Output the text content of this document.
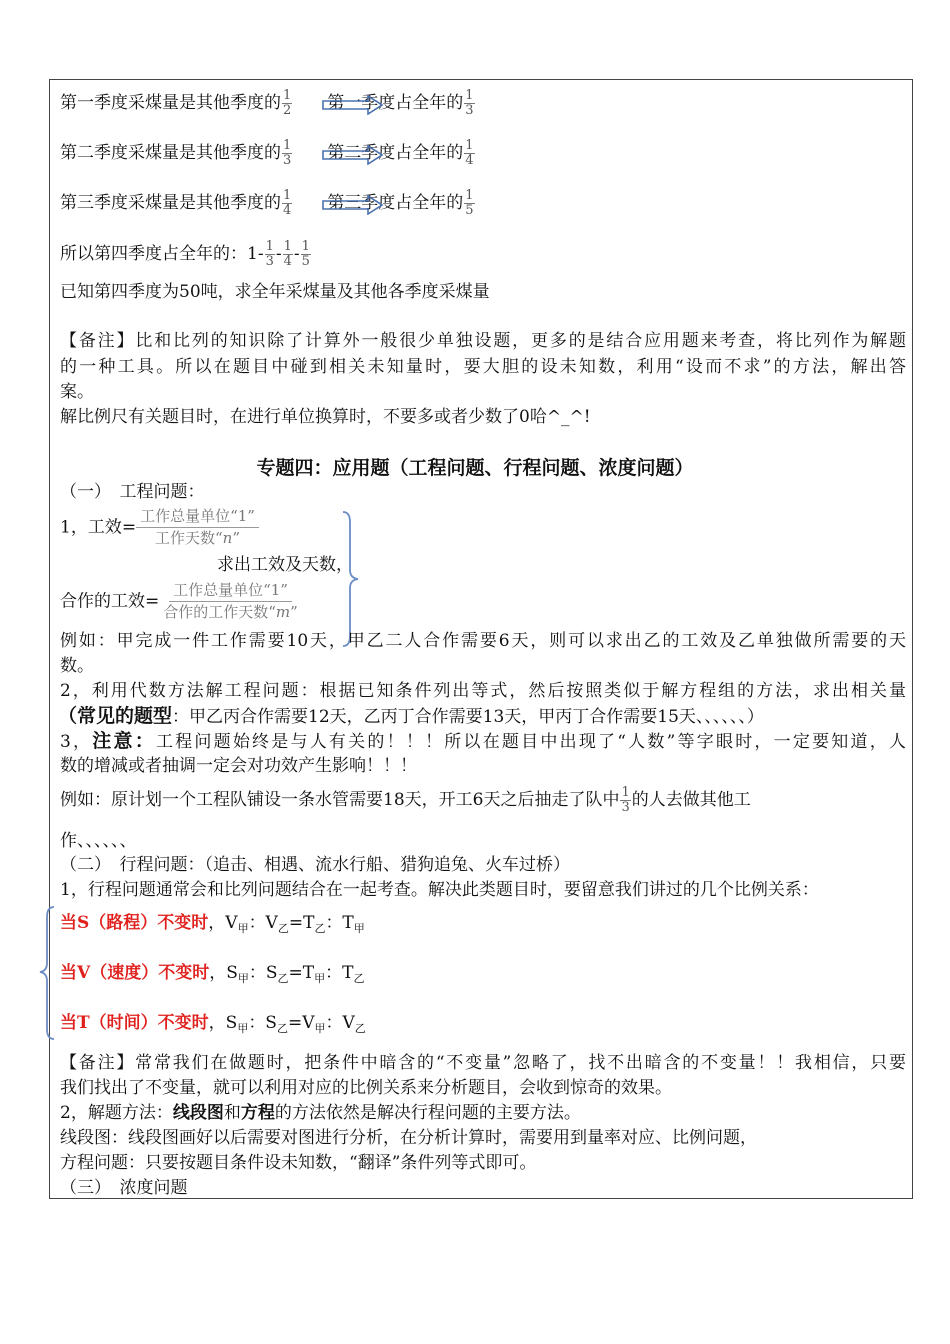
第一季度采煤量是其他季度的 $\frac{1}{2}$ 第一季度占全年的 $\frac{1}{3}$
第二季度采煤量是其他季度的 $\frac{1}{3}$ 第二季度占全年的 $\frac{1}{4}$
第三季度采煤量是其他季度的 $\frac{1}{4}$ 第三季度占全年的 $\frac{1}{5}$
所以第四季度占全年的：$1- \frac{1}{3} - \frac{1}{4} - \frac{1}{5}$
已知第四季度为50吨，求全年采煤量及其他各季度采煤量
【备注】比和比列的知识除了计算外一般很少单独设题，更多的是结合应用题来考查，将比列作为解题
的一种工具。所以在题目中碰到相关未知量时，要大胆的设未知数，利用“设而不求”的方法，解出答
案。
解比例尺有关题目时，在进行单位换算时，不要多或者少数了0哈^_^!
专题四：应用题（工程问题、行程问题、浓度问题）
（一）　工程问题：
1，工效= $\frac{\text{工作总量单位“1”}}{\text{工作天数“n”}}$
求出工效及天数，
合作的工效= $\frac{\text{工作总量单位“1”}}{\text{合作的工作天数“m”}}$
例如：甲完成一件工作需要10天，甲乙二人合作需要6天，则可以求出乙的工效及乙单独做所需要的天
数。
2，利用代数方法解工程问题：根据已知条件列出等式，然后按照类似于解方程组的方法，求出相关量
（常见的题型：甲乙丙合作需要12天，乙丙丁合作需要13天，甲丙丁合作需要15天、、、、、、）
3，注意：工程问题始终是与人有关的！！！所以在题目中出现了“人数”等字眼时，一定要知道，人
数的增减或者抽调一定会对功效产生影响！！！
例如：原计划一个工程队铺设一条水管需要18天，开工6天之后抽走了队中 $\frac{1}{3}$ 的人去做其他工
作、、、、、、
（二）　行程问题：（追击、相遇、流水行船、猎狗追兔、火车过桥）
1，行程问题通常会和比列问题结合在一起考查。解决此类题目时，要留意我们讲过的几个比例关系：
当S（路程）不变时，$V_甲$：$V_乙=T_乙$：$T_甲$
当V（速度）不变时，$S_甲$：$S_乙=T_甲$：$T_乙$
当T（时间）不变时，$S_甲$：$S_乙=V_甲$：$V_乙$
【备注】常常我们在做题时，把条件中暗含的“不变量”忽略了，找不出暗含的不变量！！我相信，只要
我们找出了不变量，就可以利用对应的比例关系来分析题目，会收到惊奇的效果。
2，解题方法：线段图和方程的方法依然是解决行程问题的主要方法。
线段图：线段图画好以后需要对图进行分析，在分析计算时，需要用到量率对应、比例问题，
方程问题：只要按题目条件设未知数，“翻译”条件列等式即可。
（三）　浓度问题
